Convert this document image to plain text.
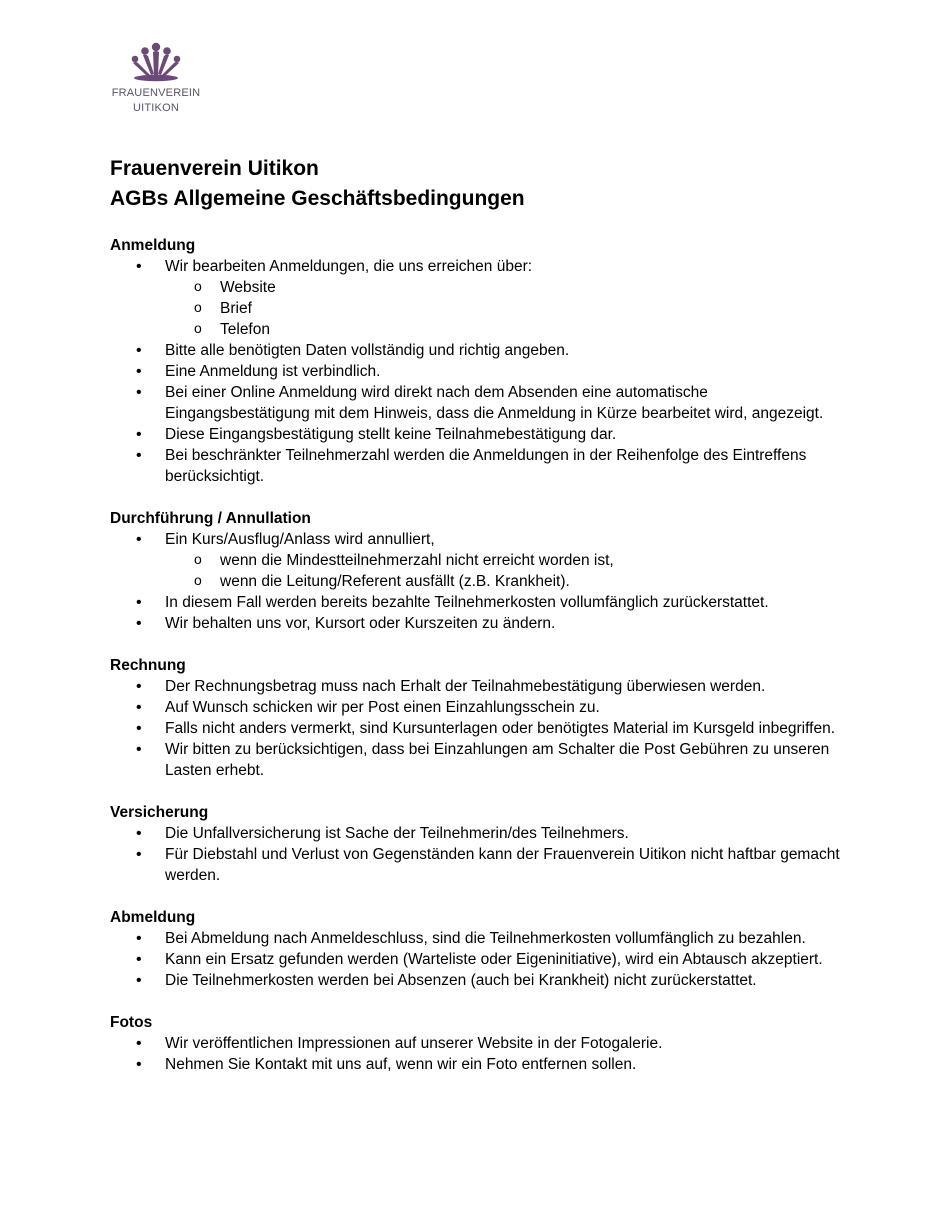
FRAUENVEREIN
UITIKON
Frauenverein Uitikon
AGBs Allgemeine Geschäftsbedingungen
Anmeldung
• Wir bearbeiten Anmeldungen, die uns erreichen über:
o Website
o Brief
o Telefon
• Bitte alle benötigten Daten vollständig und richtig angeben.
• Eine Anmeldung ist verbindlich.
• Bei einer Online Anmeldung wird direkt nach dem Absenden eine automatische Eingangsbestätigung mit dem Hinweis, dass die Anmeldung in Kürze bearbeitet wird, angezeigt.
• Diese Eingangsbestätigung stellt keine Teilnahmebestätigung dar.
• Bei beschränkter Teilnehmerzahl werden die Anmeldungen in der Reihenfolge des Eintreffens berücksichtigt.
Durchführung / Annullation
• Ein Kurs/Ausflug/Anlass wird annulliert,
o wenn die Mindestteilnehmerzahl nicht erreicht worden ist,
o wenn die Leitung/Referent ausfällt (z.B. Krankheit).
• In diesem Fall werden bereits bezahlte Teilnehmerkosten vollumfänglich zurückerstattet.
• Wir behalten uns vor, Kursort oder Kurszeiten zu ändern.
Rechnung
• Der Rechnungsbetrag muss nach Erhalt der Teilnahmebestätigung überwiesen werden.
• Auf Wunsch schicken wir per Post einen Einzahlungsschein zu.
• Falls nicht anders vermerkt, sind Kursunterlagen oder benötigtes Material im Kursgeld inbegriffen.
• Wir bitten zu berücksichtigen, dass bei Einzahlungen am Schalter die Post Gebühren zu unseren Lasten erhebt.
Versicherung
• Die Unfallversicherung ist Sache der Teilnehmerin/des Teilnehmers.
• Für Diebstahl und Verlust von Gegenständen kann der Frauenverein Uitikon nicht haftbar gemacht werden.
Abmeldung
• Bei Abmeldung nach Anmeldeschluss, sind die Teilnehmerkosten vollumfänglich zu bezahlen.
• Kann ein Ersatz gefunden werden (Warteliste oder Eigeninitiative), wird ein Abtausch akzeptiert.
• Die Teilnehmerkosten werden bei Absenzen (auch bei Krankheit) nicht zurückerstattet.
Fotos
• Wir veröffentlichen Impressionen auf unserer Website in der Fotogalerie.
• Nehmen Sie Kontakt mit uns auf, wenn wir ein Foto entfernen sollen.
